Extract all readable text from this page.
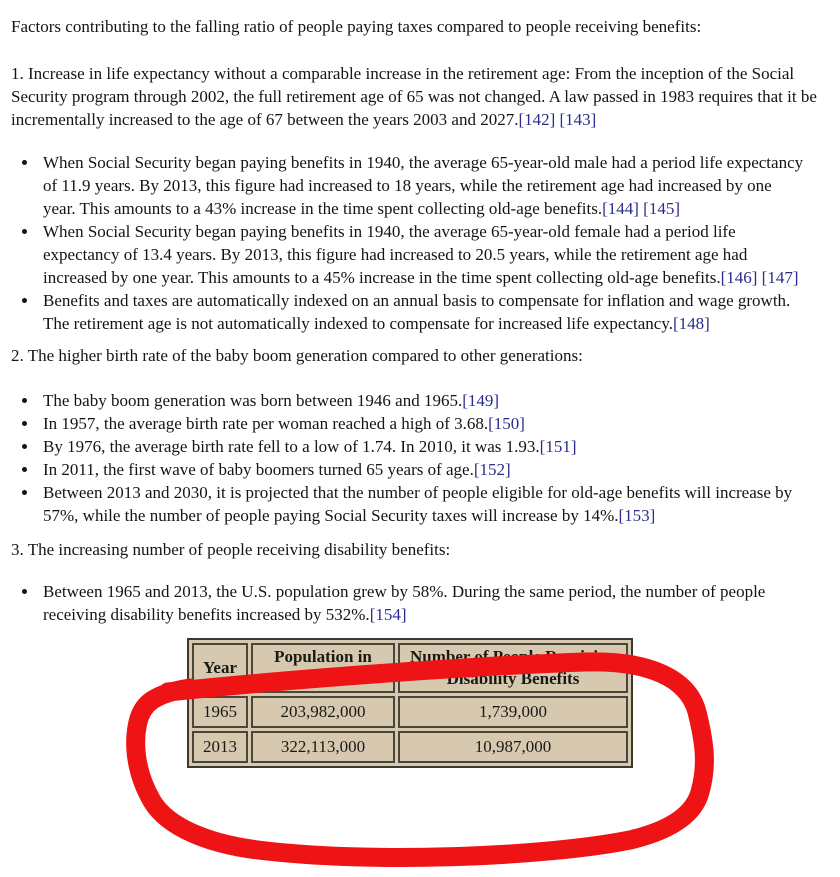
Factors contributing to the falling ratio of people paying taxes compared to people receiving benefits:

1. Increase in life expectancy without a comparable increase in the retirement age: From the inception of the Social Security program through 2002, the full retirement age of 65 was not changed. A law passed in 1983 requires that it be incrementally increased to the age of 67 between the years 2003 and 2027.[142] [143]

• When Social Security began paying benefits in 1940, the average 65-year-old male had a period life expectancy of 11.9 years. By 2013, this figure had increased to 18 years, while the retirement age had increased by one year. This amounts to a 43% increase in the time spent collecting old-age benefits.[144] [145]
• When Social Security began paying benefits in 1940, the average 65-year-old female had a period life expectancy of 13.4 years. By 2013, this figure had increased to 20.5 years, while the retirement age had increased by one year. This amounts to a 45% increase in the time spent collecting old-age benefits.[146] [147]
• Benefits and taxes are automatically indexed on an annual basis to compensate for inflation and wage growth. The retirement age is not automatically indexed to compensate for increased life expectancy.[148]

2. The higher birth rate of the baby boom generation compared to other generations:

• The baby boom generation was born between 1946 and 1965.[149]
• In 1957, the average birth rate per woman reached a high of 3.68.[150]
• By 1976, the average birth rate fell to a low of 1.74. In 2010, it was 1.93.[151]
• In 2011, the first wave of baby boomers turned 65 years of age.[152]
• Between 2013 and 2030, it is projected that the number of people eligible for old-age benefits will increase by 57%, while the number of people paying Social Security taxes will increase by 14%.[153]

3. The increasing number of people receiving disability benefits:

• Between 1965 and 2013, the U.S. population grew by 58%. During the same period, the number of people receiving disability benefits increased by 532%.[154]
Year	Population in U.S.	Number of People Receiving Disability Benefits
1965	203,982,000	1,739,000
2013	322,113,000	10,987,000
